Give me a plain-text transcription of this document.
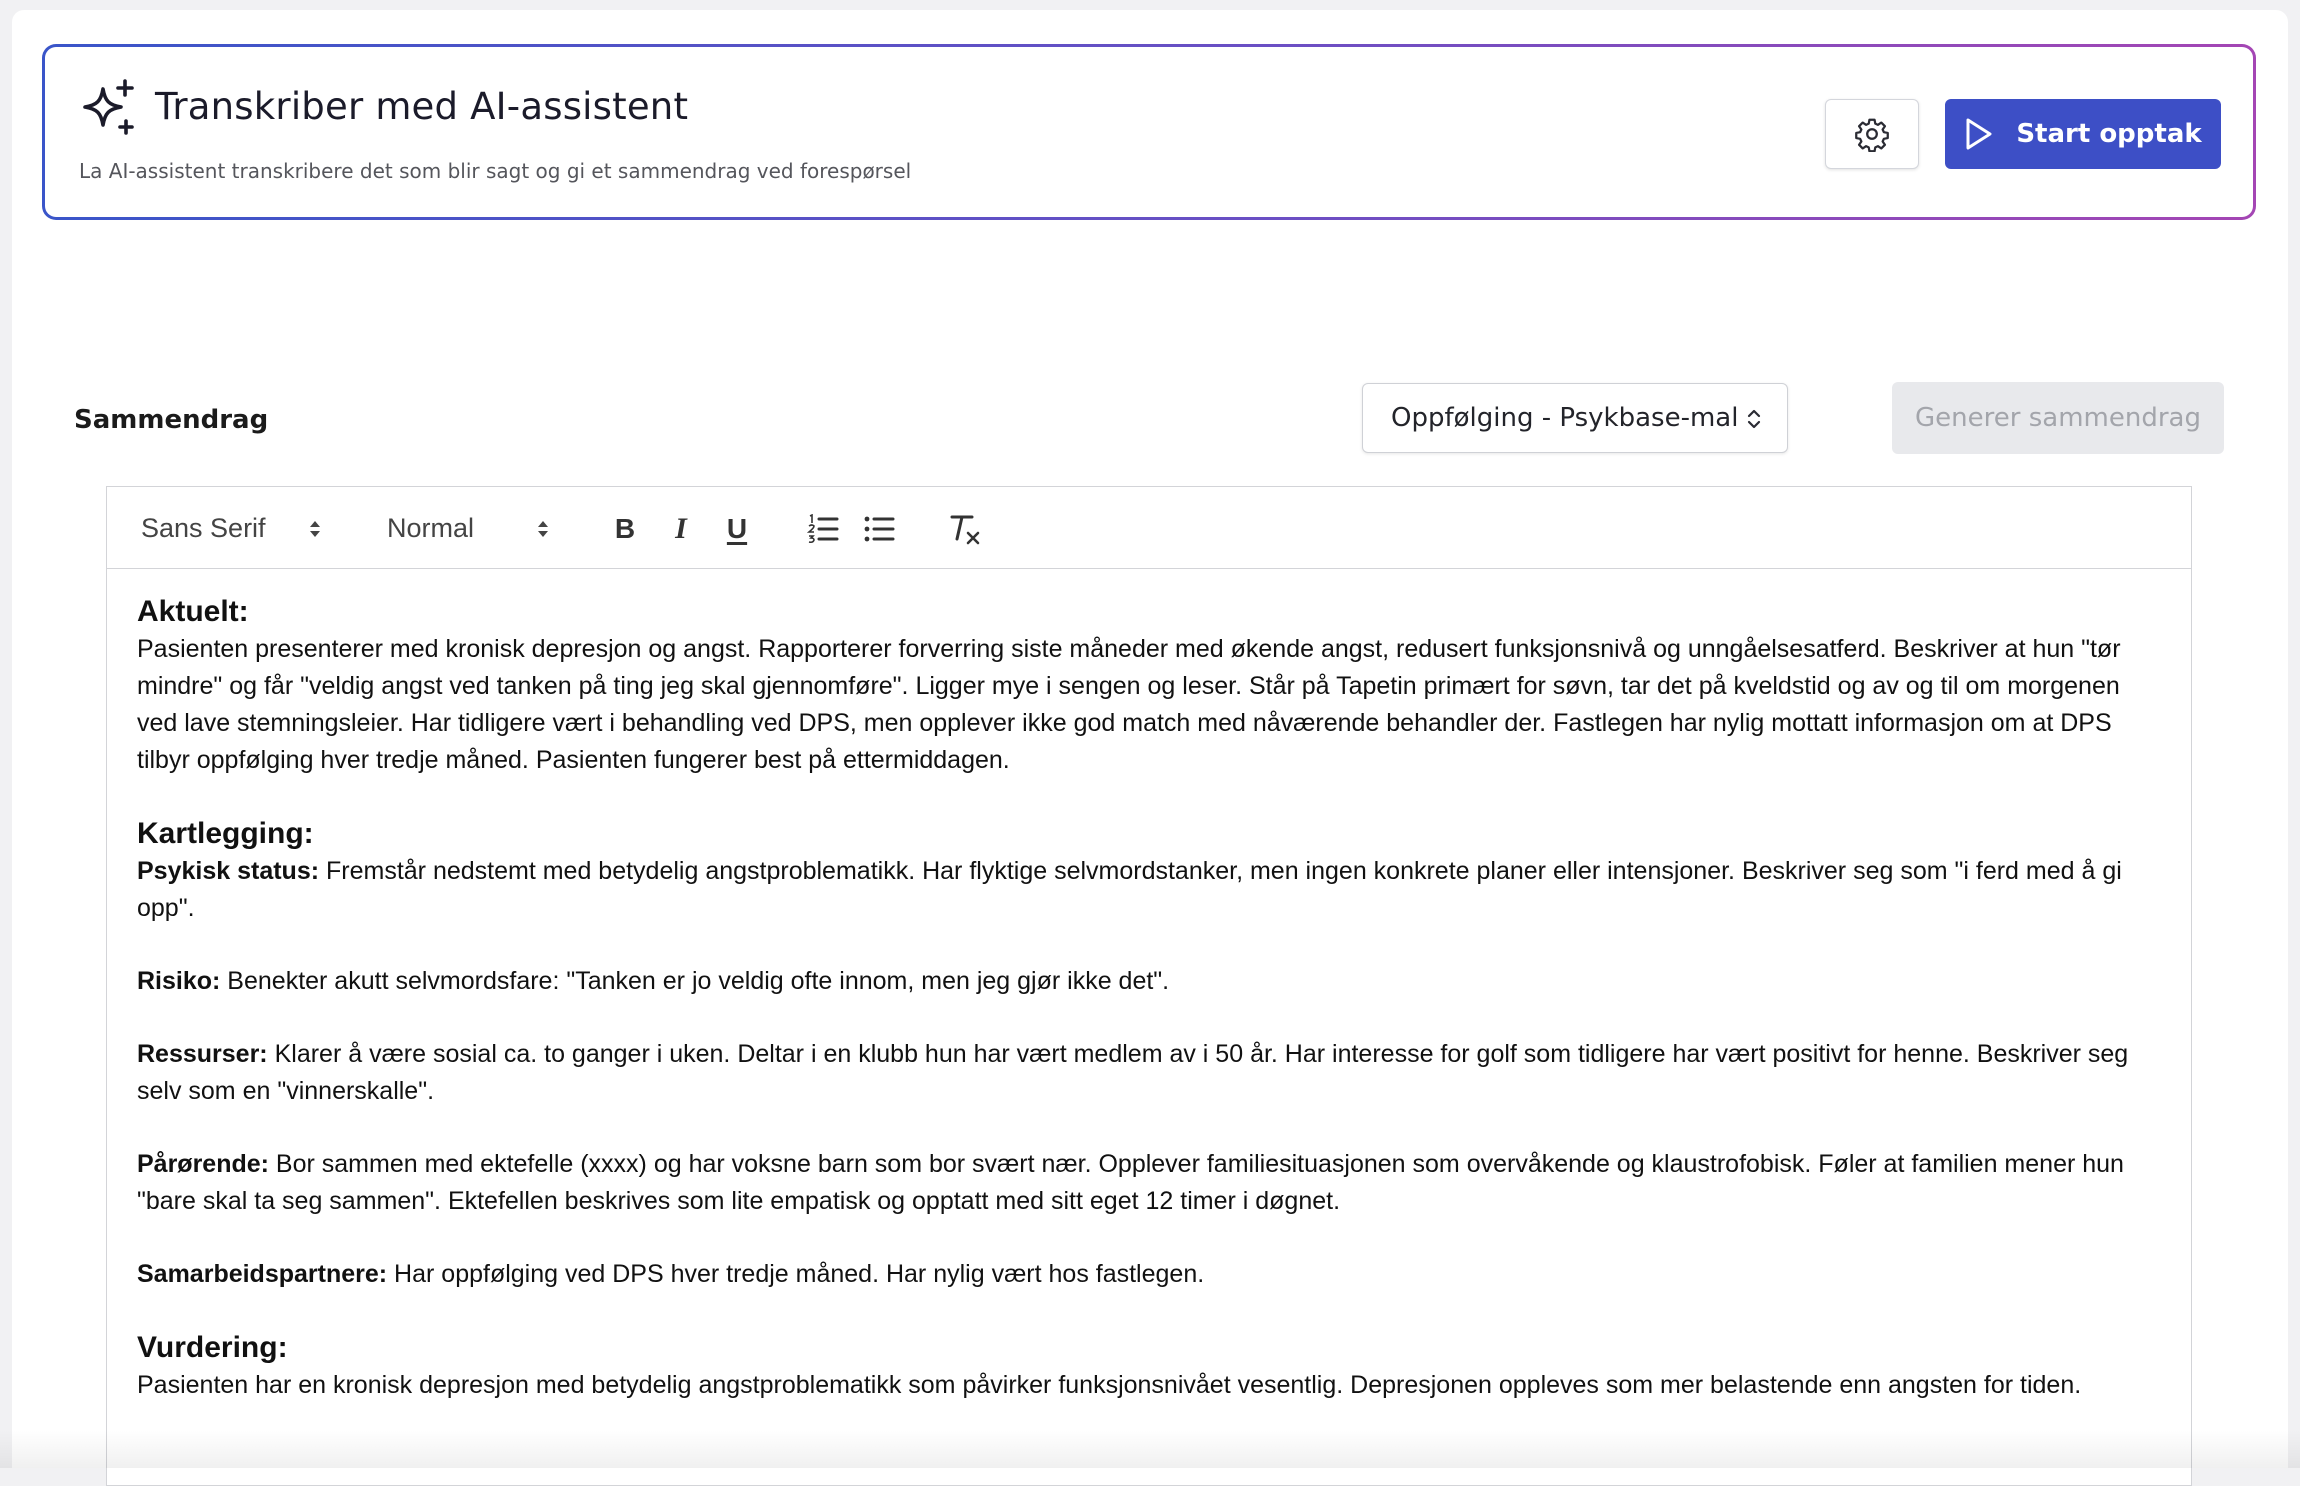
Transkriber med AI-assistent
La AI-assistent transkribere det som blir sagt og gi et sammendrag ved forespørsel
Start opptak
Sammendrag	Oppfølging - Psykbase-mal	Generer sammendrag
Sans Serif	Normal	B I U
Aktuelt:

Pasienten presenterer med kronisk depresjon og angst. Rapporterer forverring siste måneder med økende angst, redusert funksjonsnivå og unngåelsesatferd. Beskriver at hun "tør mindre" og får "veldig angst ved tanken på ting jeg skal gjennomføre". Ligger mye i sengen og leser. Står på Tapetin primært for søvn, tar det på kveldstid og av og til om morgenen ved lave stemningsleier. Har tidligere vært i behandling ved DPS, men opplever ikke god match med nåværende behandler der. Fastlegen har nylig mottatt informasjon om at DPS tilbyr oppfølging hver tredje måned. Pasienten fungerer best på ettermiddagen.

Kartlegging:

Psykisk status: Fremstår nedstemt med betydelig angstproblematikk. Har flyktige selvmordstanker, men ingen konkrete planer eller intensjoner. Beskriver seg som "i ferd med å gi opp".

Risiko: Benekter akutt selvmordsfare: "Tanken er jo veldig ofte innom, men jeg gjør ikke det".

Ressurser: Klarer å være sosial ca. to ganger i uken. Deltar i en klubb hun har vært medlem av i 50 år. Har interesse for golf som tidligere har vært positivt for henne. Beskriver seg selv som en "vinnerskalle".

Pårørende: Bor sammen med ektefelle (xxxx) og har voksne barn som bor svært nær. Opplever familiesituasjonen som overvåkende og klaustrofobisk. Føler at familien mener hun "bare skal ta seg sammen". Ektefellen beskrives som lite empatisk og opptatt med sitt eget 12 timer i døgnet.

Samarbeidspartnere: Har oppfølging ved DPS hver tredje måned. Har nylig vært hos fastlegen.

Vurdering:

Pasienten har en kronisk depresjon med betydelig angstproblematikk som påvirker funksjonsnivået vesentlig. Depresjonen oppleves som mer belastende enn angsten for tiden.
